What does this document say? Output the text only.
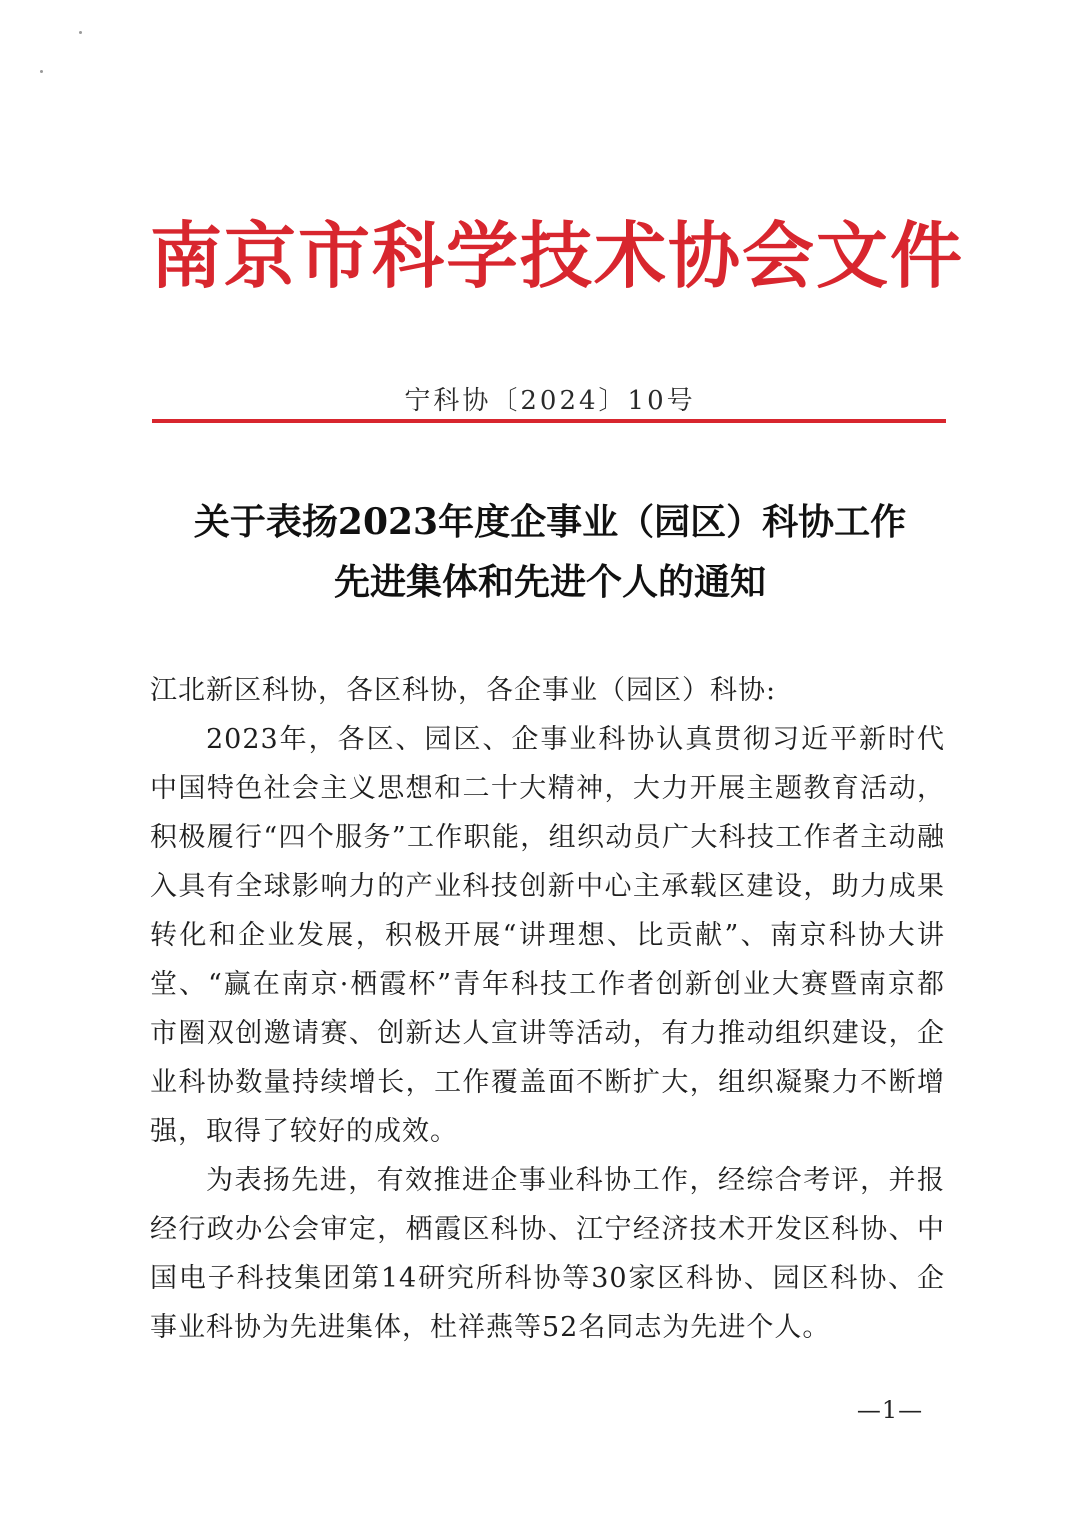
南京市科学技术协会文件
宁科协〔2024〕10号
关于表扬2023年度企事业（园区）科协工作
先进集体和先进个人的通知

江北新区科协，各区科协，各企事业（园区）科协:

2023年，各区、园区、企事业科协认真贯彻习近平新时代中国特色社会主义思想和二十大精神，大力开展主题教育活动，积极履行“四个服务”工作职能，组织动员广大科技工作者主动融入具有全球影响力的产业科技创新中心主承载区建设，助力成果转化和企业发展，积极开展“讲理想、比贡献”、南京科协大讲堂、“赢在南京·栖霞杯”青年科技工作者创新创业大赛暨南京都市圈双创邀请赛、创新达人宣讲等活动，有力推动组织建设，企业科协数量持续增长，工作覆盖面不断扩大，组织凝聚力不断增强，取得了较好的成效。

为表扬先进，有效推进企事业科协工作，经综合考评，并报经行政办公会审定，栖霞区科协、江宁经济技术开发区科协、中国电子科技集团第14研究所科协等30家区科协、园区科协、企事业科协为先进集体，杜祥燕等52名同志为先进个人。

—1—
